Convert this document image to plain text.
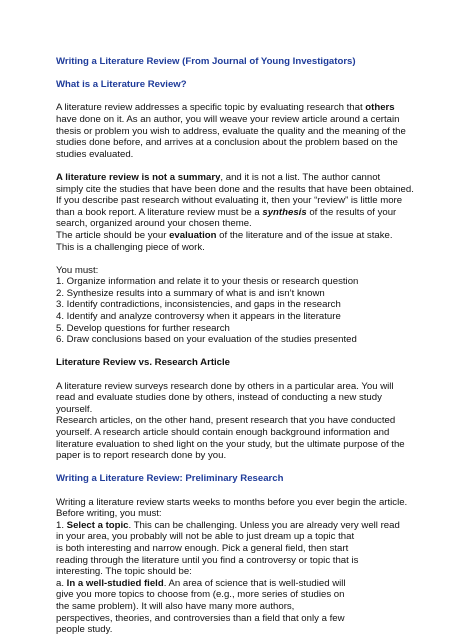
Writing a Literature Review (From Journal of Young Investigators)

What is a Literature Review?

A literature review addresses a specific topic by evaluating research that others
have done on it. As an author, you will weave your review article around a certain
thesis or problem you wish to address, evaluate the quality and the meaning of the
studies done before, and arrives at a conclusion about the problem based on the
studies evaluated.

A literature review is not a summary, and it is not a list. The author cannot
simply cite the studies that have been done and the results that have been obtained.
If you describe past research without evaluating it, then your “review” is little more
than a book report. A literature review must be a synthesis of the results of your
search, organized around your chosen theme.
The article should be your evaluation of the literature and of the issue at stake.
This is a challenging piece of work.

You must:

1. Organize information and relate it to your thesis or research question
2. Synthesize results into a summary of what is and isn’t known
3. Identify contradictions, inconsistencies, and gaps in the research
4. Identify and analyze controversy when it appears in the literature
5. Develop questions for further research
6. Draw conclusions based on your evaluation of the studies presented

Literature Review vs. Research Article

A literature review surveys research done by others in a particular area. You will
read and evaluate studies done by others, instead of conducting a new study
yourself.

Research articles, on the other hand, present research that you have conducted
yourself. A research article should contain enough background information and
literature evaluation to shed light on the your study, but the ultimate purpose of the
paper is to report research done by you.

Writing a Literature Review: Preliminary Research

Writing a literature review starts weeks to months before you ever begin the article.
Before writing, you must:
1. Select a topic. This can be challenging. Unless you are already very well read
in your area, you probably will not be able to just dream up a topic that
is both interesting and narrow enough. Pick a general field, then start
reading through the literature until you find a controversy or topic that is
interesting. The topic should be:
a. In a well-studied field. An area of science that is well-studied will
give you more topics to choose from (e.g., more series of studies on
the same problem). It will also have many more authors,
perspectives, theories, and controversies than a field that only a few
people study.
